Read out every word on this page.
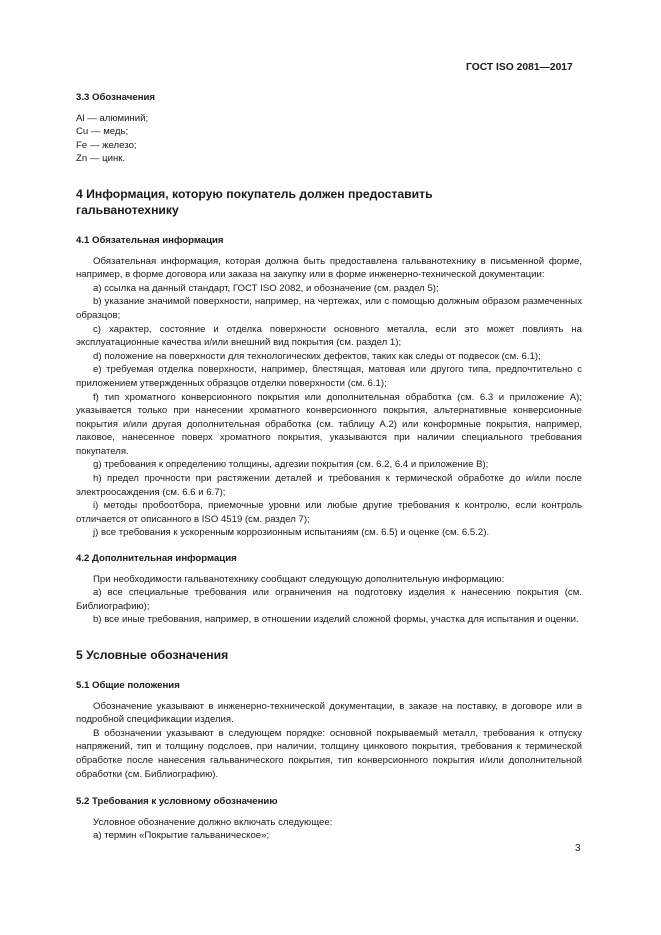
ГОСТ ISO 2081—2017

3.3 Обозначения

Al — алюминий;

Cu — медь;

Fe — железо;

Zn — цинк.

4 Информация, которую покупатель должен предоставить гальванотехнику

4.1 Обязательная информация

Обязательная информация, которая должна быть предоставлена гальванотехнику в письменной форме, например, в форме договора или заказа на закупку или в форме инженерно-технической документации:

a) ссылка на данный стандарт, ГОСТ ISO 2082, и обозначение (см. раздел 5);

b) указание значимой поверхности, например, на чертежах, или с помощью должным образом размеченных образцов;

c) характер, состояние и отделка поверхности основного металла, если это может повлиять на эксплуатационные качества и/или внешний вид покрытия (см. раздел 1);

d) положение на поверхности для технологических дефектов, таких как следы от подвесок (см. 6.1);

e) требуемая отделка поверхности, например, блестящая, матовая или другого типа, предпочтительно с приложением утвержденных образцов отделки поверхности (см. 6.1);

f) тип хроматного конверсионного покрытия или дополнительная обработка (см. 6.3 и приложение А); указывается только при нанесении хроматного конверсионного покрытия, альтернативные конверсионные покрытия и/или другая дополнительная обработка (см. таблицу А.2) или конформные покрытия, например, лаковое, нанесенное поверх хроматного покрытия, указываются при наличии специального требования покупателя.

g) требования к определению толщины, адгезии покрытия (см. 6.2, 6.4 и приложение В);

h) предел прочности при растяжении деталей и требования к термической обработке до и/или после электроосаждения (см. 6.6 и 6.7);

i) методы пробоотбора, приемочные уровни или любые другие требования к контролю, если контроль отличается от описанного в ISO 4519 (см. раздел 7);

j) все требования к ускоренным коррозионным испытаниям (см. 6.5) и оценке (см. 6.5.2).

4.2 Дополнительная информация

При необходимости гальванотехнику сообщают следующую дополнительную информацию:

a) все специальные требования или ограничения на подготовку изделия к нанесению покрытия (см. Библиографию);

b) все иные требования, например, в отношении изделий сложной формы, участка для испытания и оценки.

5 Условные обозначения

5.1 Общие положения

Обозначение указывают в инженерно-технической документации, в заказе на поставку, в договоре или в подробной спецификации изделия.

В обозначении указывают в следующем порядке: основной покрываемый металл, требования к отпуску напряжений, тип и толщину подслоев, при наличии, толщину цинкового покрытия, требования к термической обработке после нанесения гальванического покрытия, тип конверсионного покрытия и/или дополнительной обработки (см. Библиографию).

5.2 Требования к условному обозначению

Условное обозначение должно включать следующее:

a) термин «Покрытие гальваническое»;

3
